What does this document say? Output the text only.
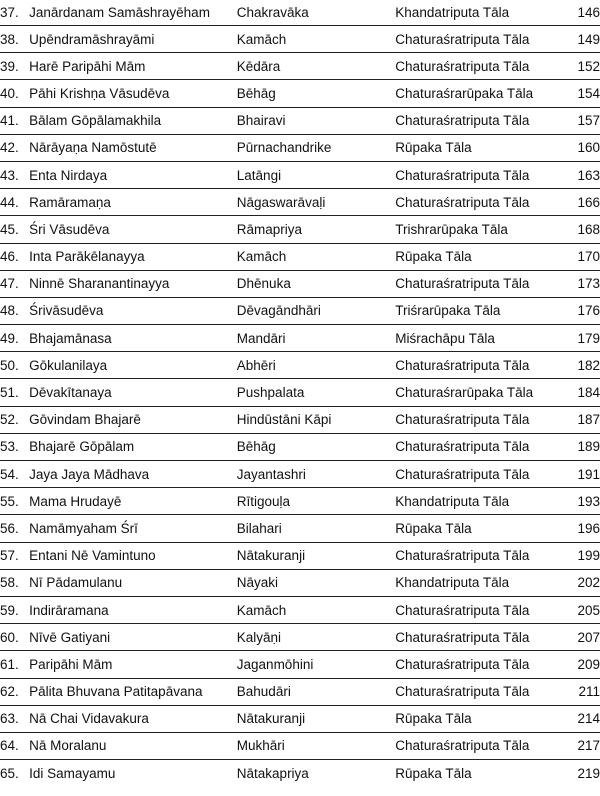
37.	Janārdanam Samāshrayēham	Chakravāka	Khandatriputa Tāla	146
38.	Upēndramāshrayāmi	Kamāch	Chaturaśratriputa Tāla	149
39.	Harē Paripāhi Mām	Kēdāra	Chaturaśratriputa Tāla	152
40.	Pāhi Krishṇa Vāsudēva	Bēhāg	Chaturaśrarūpaka Tāla	154
41.	Bālam Gōpālamakhila	Bhairavi	Chaturaśratriputa Tāla	157
42.	Nārāyaṇa Namōstutē	Pūrnachandrike	Rūpaka Tāla	160
43.	Enta Nirdaya	Latāngi	Chaturaśratriputa Tāla	163
44.	Ramāramaṇa	Nāgaswarāvaḷi	Chaturaśratriputa Tāla	166
45.	Śri Vāsudēva	Rāmapriya	Trishrarūpaka Tāla	168
46.	Inta Parākēlanayya	Kamāch	Rūpaka Tāla	170
47.	Ninnē Sharanantinayya	Dhēnuka	Chaturaśratriputa Tāla	173
48.	Śrivāsudēva	Dēvagāndhāri	Triśrarūpaka Tāla	176
49.	Bhajamānasa	Mandāri	Miśrachāpu Tāla	179
50.	Gōkulanilaya	Abhēri	Chaturaśratriputa Tāla	182
51.	Dēvakītanaya	Pushpalata	Chaturaśrarūpaka Tāla	184
52.	Gōvindam Bhajarē	Hindūstāni Kāpi	Chaturaśratriputa Tāla	187
53.	Bhajarē Gōpālam	Bēhāg	Chaturaśratriputa Tāla	189
54.	Jaya Jaya Mādhava	Jayantashri	Chaturaśratriputa Tāla	191
55.	Mama Hrudayē	Rītigouḷa	Khandatriputa Tāla	193
56.	Namāmyaham Śrī	Bilahari	Rūpaka Tāla	196
57.	Entani Nē Vamintuno	Nātakuranji	Chaturaśratriputa Tāla	199
58.	Nī Pādamulanu	Nāyaki	Khandatriputa Tāla	202
59.	Indirāramana	Kamāch	Chaturaśratriputa Tāla	205
60.	Nīvē Gatiyani	Kalyāṇi	Chaturaśratriputa Tāla	207
61.	Paripāhi Mām	Jaganmōhini	Chaturaśratriputa Tāla	209
62.	Pālita Bhuvana Patitapāvana	Bahudāri	Chaturaśratriputa Tāla	211
63.	Nā Chai Vidavakura	Nātakuranji	Rūpaka Tāla	214
64.	Nā Moralanu	Mukhāri	Chaturaśratriputa Tāla	217
65.	Idi Samayamu	Nātakapriya	Rūpaka Tāla	219
